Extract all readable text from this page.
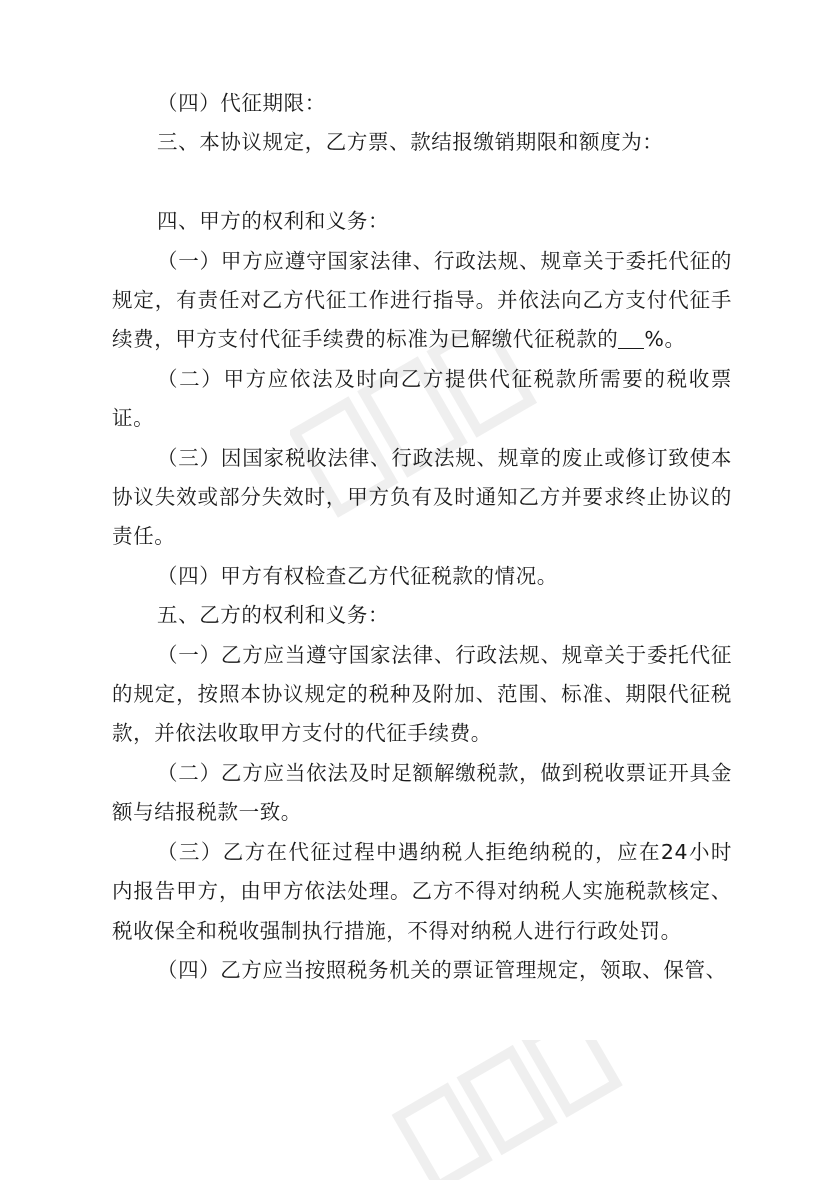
（四）代征期限：

三、本协议规定，乙方票、款结报缴销期限和额度为：

四、甲方的权利和义务：

（一）甲方应遵守国家法律、行政法规、规章关于委托代征的规定，有责任对乙方代征工作进行指导。并依法向乙方支付代征手续费，甲方支付代征手续费的标准为已解缴代征税款的 %。

（二）甲方应依法及时向乙方提供代征税款所需要的税收票证。

（三）因国家税收法律、行政法规、规章的废止或修订致使本协议失效或部分失效时，甲方负有及时通知乙方并要求终止协议的责任。

（四）甲方有权检查乙方代征税款的情况。

五、乙方的权利和义务：

（一）乙方应当遵守国家法律、行政法规、规章关于委托代征的规定，按照本协议规定的税种及附加、范围、标准、期限代征税款，并依法收取甲方支付的代征手续费。

（二）乙方应当依法及时足额解缴税款，做到税收票证开具金额与结报税款一致。

（三）乙方在代征过程中遇纳税人拒绝纳税的，应在24小时内报告甲方，由甲方依法处理。乙方不得对纳税人实施税款核定、税收保全和税收强制执行措施，不得对纳税人进行行政处罚。

（四）乙方应当按照税务机关的票证管理规定，领取、保管、
